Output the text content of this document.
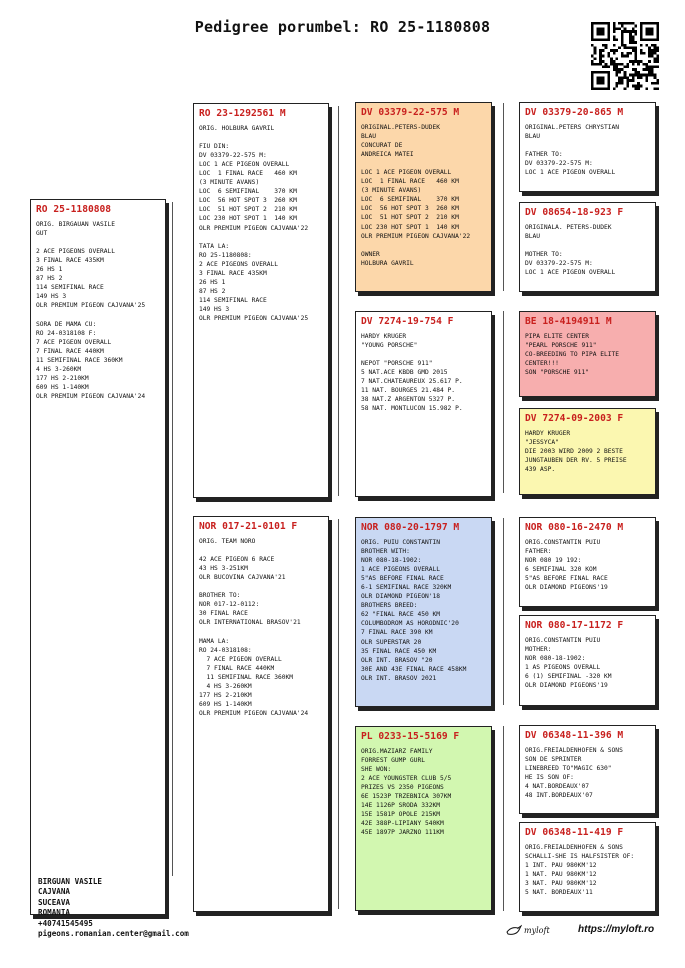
Pedigree porumbel: RO 25-1180808
RO 25-1180808
ORIG. BIRGAUAN VASILE
GUT

2 ACE PIGEONS OVERALL
3 FINAL RACE 435KM
26 HS 1
87 HS 2
114 SEMIFINAL RACE
149 HS 3
OLR PREMIUM PIGEON CAJVANA'25

SORA DE MAMA CU:
RO 24-0318108 F:
7 ACE PIGEON OVERALL
7 FINAL RACE 440KM
11 SEMIFINAL RACE 360KM
4 HS 3-260KM
177 HS 2-210KM
609 HS 1-140KM
OLR PREMIUM PIGEON CAJVANA'24
RO 23-1292561 M
ORIG. HOLBURA GAVRIL

FIU DIN:
DV 03379-22-575 M:
LOC 1 ACE PIGEON OVERALL
LOC  1 FINAL RACE   460 KM
(3 MINUTE AVANS)
LOC  6 SEMIFINAL    370 KM
LOC  56 HOT SPOT 3  260 KM
LOC  51 HOT SPOT 2  210 KM
LOC 230 HOT SPOT 1  140 KM
OLR PREMIUM PIGEON CAJVANA'22

TATA LA:
RO 25-1180808:
2 ACE PIGEONS OVERALL
3 FINAL RACE 435KM
26 HS 1
87 HS 2
114 SEMIFINAL RACE
149 HS 3
OLR PREMIUM PIGEON CAJVANA'25
NOR 017-21-0101 F
ORIG. TEAM NORO

42 ACE PIGEON 6 RACE
43 HS 3-251KM
OLR BUCOVINA CAJVANA'21

BROTHER TO:
NOR 017-12-0112:
30 FINAL RACE
OLR INTERNATIONAL BRASOV'21

MAMA LA:
RO 24-0318108:
7 ACE PIGEON OVERALL
7 FINAL RACE 440KM
11 SEMIFINAL RACE 360KM
4 HS 3-260KM
177 HS 2-210KM
609 HS 1-140KM
OLR PREMIUM PIGEON CAJVANA'24
DV 03379-22-575 M
ORIGINAL.PETERS-DUDEK
BLAU
CONCURAT DE
ANDREICA MATEI

LOC 1 ACE PIGEON OVERALL
LOC  1 FINAL RACE   460 KM
(3 MINUTE AVANS)
LOC  6 SEMIFINAL    370 KM
LOC  56 HOT SPOT 3  260 KM
LOC  51 HOT SPOT 2  210 KM
LOC 230 HOT SPOT 1  140 KM
OLR PREMIUM PIGEON CAJVANA'22

OWNER
HOLBURA GAVRIL
DV 7274-19-754 F
HARDY KRUGER
"YOUNG PORSCHE"

NEPOT "PORSCHE 911"
5 NAT.ACE KBDB GMD 2015
7 NAT.CHATEAUREUX 25.617 P.
11 NAT. BOURGES 21.484 P.
38 NAT.Z ARGENTON 5327 P.
58 NAT. MONTLUCON 15.982 P.
NOR 080-20-1797 M
ORIG. PUIU CONSTANTIN
BROTHER WITH:
NOR 080-18-1902:
1 ACE PIGEONS OVERALL
5"AS BEFORE FINAL RACE
6-1 SEMIFINAL RACE 320KM
OLR DIAMOND PIGEON'18
BROTHERS BREED:
62 "FINAL RACE 450 KM
COLUMBODROM AS HORODNIC'20
7 FINAL RACE 390 KM
OLR SUPERSTAR 20
35 FINAL RACE 450 KM
OLR INT. BRASOV "20
30E AND 43E FINAL RACE 458KM
OLR INT. BRASOV 2021
PL 0233-15-5169 F
ORIG.MAZIARZ FAMILY
FORREST GUMP GURL
SHE WON:
2 ACE YOUNGSTER CLUB 5/5
PRIZES VS 2350 PIGEONS
6E 1523P TRZEBNICA 307KM
14E 1126P SRODA 332KM
15E 1581P OPOLE 215KM
42E 388P-LIPIANY 540KM
45E 1897P JARZNO 111KM
DV 03379-20-865 M
ORIGINAL.PETERS CHRYSTIAN
BLAU

FATHER TO:
DV 03379-22-575 M:
LOC 1 ACE PIGEON OVERALL
DV 08654-18-923 F
ORIGINALA. PETERS-DUDEK
BLAU

MOTHER TO:
DV 03379-22-575 M:
LOC 1 ACE PIGEON OVERALL
BE 18-4194911 M
PIPA ELITE CENTER
"PEARL PORSCHE 911"
CO-BREEDING TO PIPA ELITE
CENTER!!!
SON "PORSCHE 911"
DV 7274-09-2003 F
HARDY KRUGER
"JESSYCA"
DIE 2003 WIRD 2009 2 BESTE
JUNGTAUBEN DER RV. 5 PREISE
439 ASP.
NOR 080-16-2470 M
ORIG.CONSTANTIN PUIU
FATHER:
NOR 080 19 192:
6 SEMIFINAL 320 KOM
5"AS BEFORE FINAL RACE
OLR DIAMOND PIGEONS'19
NOR 080-17-1172 F
ORIG.CONSTANTIN PUIU
MOTHER:
NOR 080-18-1902:
1 AS PIGEONS OVERALL
6 (1) SEMIFINAL -320 KM
OLR DIAMOND PIGEONS'19
DV 06348-11-396 M
ORIG.FREIALDENHOFEN & SONS
SON DE SPRINTER
LINEBREED TO"MAGIC 630"
HE IS SON OF:
4 NAT.BORDEAUX'07
48 INT.BORDEAUX'07
DV 06348-11-419 F
ORIG.FREIALDENHOFEN & SONS
SCHALLI-SHE IS HALFSISTER OF:
1 INT. PAU 980KM'12
1 NAT. PAU 980KM'12
3 NAT. PAU 980KM'12
5 NAT. BORDEAUX'11
BIRGUAN VASILE
CAJVANA
SUCEAVA
ROMANIA
+40741545495
pigeons.romanian.center@gmail.com	myloft	https://myloft.ro
